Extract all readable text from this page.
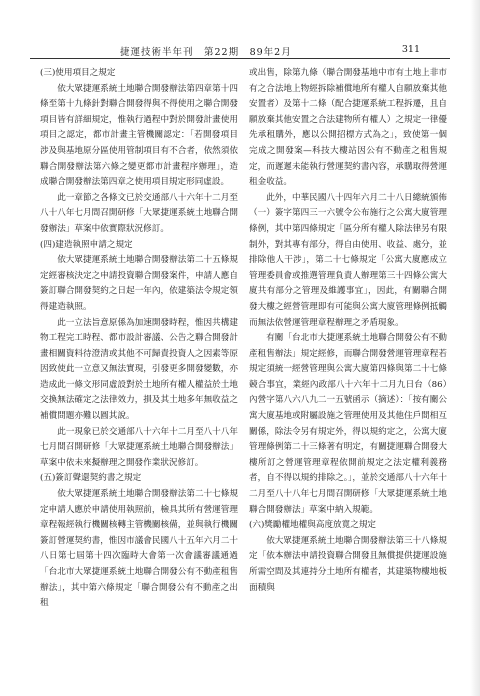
捷運技術半年刊　第22期　89年2月	311
(三)使用項目之規定

依大眾捷運系統土地聯合開發辦法第四章第十四條至第十九條針對聯合開發得與不得使用之聯合開發項目皆有詳細規定，惟執行過程中對於開發計畫使用項目之認定，都市計畫主管機關認定：「若開發項目涉及與基地原分區使用管制項目有不合者，依然須依聯合開發辦法第六條之變更都市計畫程序辦理」，造成聯合開發辦法第四章之使用項目規定形同虛設。

此一章節之各條文已於交通部八十六年十二月至八十八年七月間召開研修「大眾捷運系統土地聯合開發辦法」草案中依實際狀況修訂。

(四)建造執照申請之規定

依大眾捷運系統土地聯合開發辦法第二十五條規定經審核決定之申請投資聯合開發案件，申請人應自簽訂聯合開發契約之日起一年內，依建築法令規定領得建造執照。

此一立法旨意原係為加速開發時程，惟因共構建物工程完工時程、都市設計審議、公告之聯合開發計畫相關資料待澄清或其他不可歸責投資人之因素等原因致使此一立意又無法實現，引發更多開發變數，亦造成此一條文形同虛設對於土地所有權人權益於土地交換無法確定之法律效力，損及其土地多年無收益之補償問題亦難以圓其說。

此一現象已於交通部八十六年十二月至八十八年七月間召開研修「大眾捷運系統土地聯合開發辦法」草案中依未來擬辦理之開發作業狀況修訂。

(五)簽訂聲還契約書之規定

依大眾捷運系統土地聯合開發辦法第二十七條規定申請人應於申請使用執照前，檢具其所有營運管理章程報經執行機關核轉主管機關核備，並與執行機關簽訂營運契約書，惟因市議會民國八十五年六月二十八日第七屆第十四次臨時大會第一次會議審議通過「台北市大眾捷運系統土地聯合開發公有不動產租售辦法」，其中第六條規定「聯合開發公有不動產之出租

或出售，除第九條（聯合開發基地中市有土地上非市有之合法地上物經拆除補償地所有權人自願放棄其他安置者）及第十二條（配合捷運系統工程拆遷，且自願放棄其他安置之合法建物所有權人）之規定一律優先承租購外，應以公開招標方式為之」，致使第一個完成之開發案—科技大樓站因公有不動產之租售規定，而遲遲未能執行營運契約書內容，承購取得營運租金收益。

此外，中華民國八十四年六月二十八日總統頒佈（一）簽字第四三一六號令公布施行之公寓大廈管理條例，其中第四條規定「區分所有權人除法律另有限制外，對其專有部分，得自由使用、收益、處分，並排除他人干涉」，第二十七條規定「公寓大廈應成立管理委員會或推選管理負責人辦理第三十四條公寓大廈共有部分之管理及維護事宜」，因此，有關聯合開發大樓之經營管理即有可能與公寓大廈管理條例抵觸而無法依營運管理章程辦理之矛盾現象。

有關「台北市大捷運系統土地聯合開發公有不動產租售辦法」規定經修，而聯合開發營運管理章程若規定須統一經營管理與公寓大廈第四條與第二十七條競合事宜，業經內政部八十六年十二月九日台（86）內營字第八六八九二一五號函示（摘述）：「按有關公寓大廈基地或附屬設施之管理使用及其他住戶間相互關係，除法令另有規定外，得以規約定之，公寓大廈管理條例第二十三條著有明定，有關捷運聯合開發大樓所訂之營運管理章程依開前規定之法定權利義務者，自不得以規約排除之。」，並於交通部八十六年十二月至八十八年七月間召開研修「大眾捷運系統土地聯合開發辦法」草案中納入規範。

(六)獎勵權地權與高度放寬之規定

依大眾捷運系統土地聯合開發辦法第三十八條規定「依本辦法申請投資聯合開發且無償提供捷運設施所需空間及其連持分土地所有權者，其建築物樓地板面積與
